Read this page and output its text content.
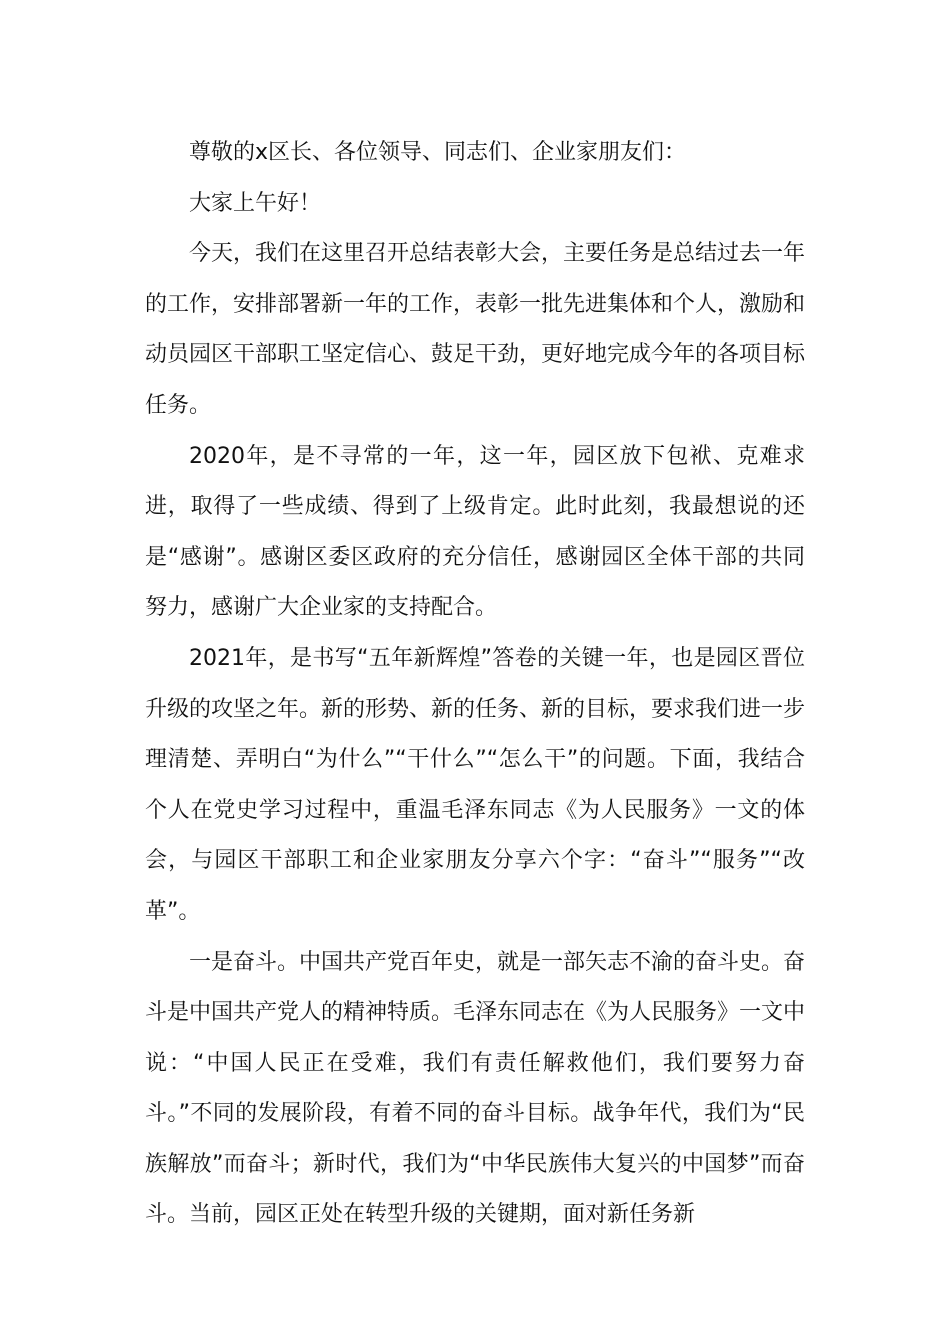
尊敬的x区长、各位领导、同志们、企业家朋友们：

大家上午好！

今天，我们在这里召开总结表彰大会，主要任务是总结过去一年的工作，安排部署新一年的工作，表彰一批先进集体和个人，激励和动员园区干部职工坚定信心、鼓足干劲，更好地完成今年的各项目标任务。

2020年，是不寻常的一年，这一年，园区放下包袱、克难求进，取得了一些成绩、得到了上级肯定。此时此刻，我最想说的还是“感谢”。感谢区委区政府的充分信任，感谢园区全体干部的共同努力，感谢广大企业家的支持配合。

2021年，是书写“五年新辉煌”答卷的关键一年，也是园区晋位升级的攻坚之年。新的形势、新的任务、新的目标，要求我们进一步理清楚、弄明白“为什么”“干什么”“怎么干”的问题。下面，我结合个人在党史学习过程中，重温毛泽东同志《为人民服务》一文的体会，与园区干部职工和企业家朋友分享六个字：“奋斗”“服务”“改革”。

一是奋斗。中国共产党百年史，就是一部矢志不渝的奋斗史。奋斗是中国共产党人的精神特质。毛泽东同志在《为人民服务》一文中说：“中国人民正在受难，我们有责任解救他们，我们要努力奋斗。”不同的发展阶段，有着不同的奋斗目标。战争年代，我们为“民族解放”而奋斗；新时代，我们为“中华民族伟大复兴的中国梦”而奋斗。当前，园区正处在转型升级的关键期，面对新任务新
